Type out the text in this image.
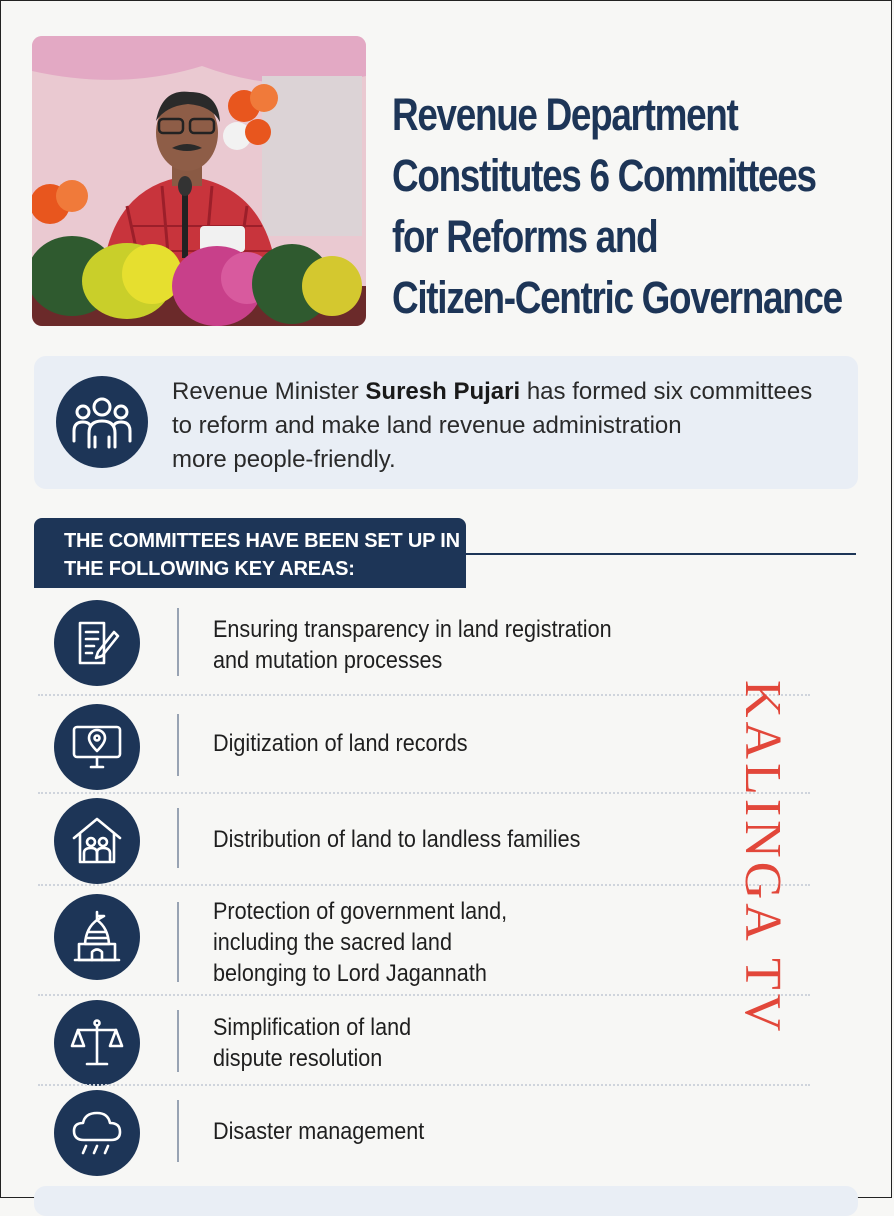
Revenue Department
Constitutes 6 Committees
for Reforms and
Citizen-Centric Governance
Revenue Minister Suresh Pujari has formed six committees
to reform and make land revenue administration
more people-friendly.
THE COMMITTEES HAVE BEEN SET UP IN
THE FOLLOWING KEY AREAS:
Ensuring transparency in land registration
and mutation processes
Digitization of land records
Distribution of land to landless families
Protection of government land,
including the sacred land
belonging to Lord Jagannath
Simplification of land
dispute resolution
Disaster management
KALINGA TV
